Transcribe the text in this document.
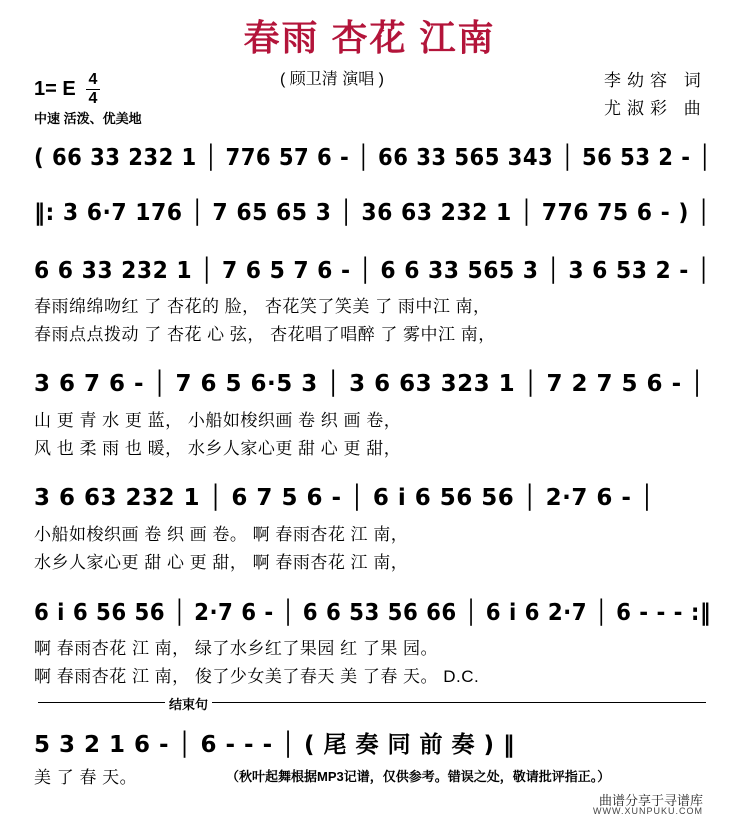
春雨 杏花 江南
( 顾卫清 演唱 )	李幼容 词
尤淑彩 曲
1= E 4
4
中速 活泼、优美地
( 66 33 232 1 │ 776 57 6 - │ 66 33 565 343 │ 56 53 2 - │
‖: 3 6·7 176 │ 7 65 65 3 │ 36 63 232 1 │ 776 75 6 - ) │
6 6 33 232 1 │ 7 6 5 7 6 - │ 6 6 33 565 3 │ 3 6 53 2 - │
春雨绵绵吻红 了 杏花的 脸， 杏花笑了笑美 了 雨中江 南，
春雨点点拨动 了 杏花 心 弦， 杏花唱了唱醉 了 雾中江 南，
3 6 7 6 - │ 7 6 5 6·5 3 │ 3 6 63 323 1 │ 7 2 7 5 6 - │
山 更 青 水 更 蓝， 小船如梭织画 卷 织 画 卷，
风 也 柔 雨 也 暖， 水乡人家心更 甜 心 更 甜，
3 6 63 232 1 │ 6 7 5 6 - │ 6 i 6 56 56 │ 2·7 6 - │
小船如梭织画 卷 织 画 卷。 啊 春雨杏花 江 南，
水乡人家心更 甜 心 更 甜， 啊 春雨杏花 江 南，
6 i 6 56 56 │ 2·7 6 - │ 6 6 53 56 66 │ 6 i 6 2·7 │ 6 - - - :‖
啊 春雨杏花 江 南， 绿了水乡红了果园 红 了果 园。
啊 春雨杏花 江 南， 俊了少女美了春天 美 了春 天。 D.C.
结束句
5 3 2 1 6 - │ 6 - - - │ ( 尾 奏 同 前 奏 ) ‖
美 了 春 天。	（秋叶起舞根据MP3记谱，仅供参考。错误之处，敬请批评指正。）
曲谱分享于寻谱库
WWW.XUNPUKU.COM
